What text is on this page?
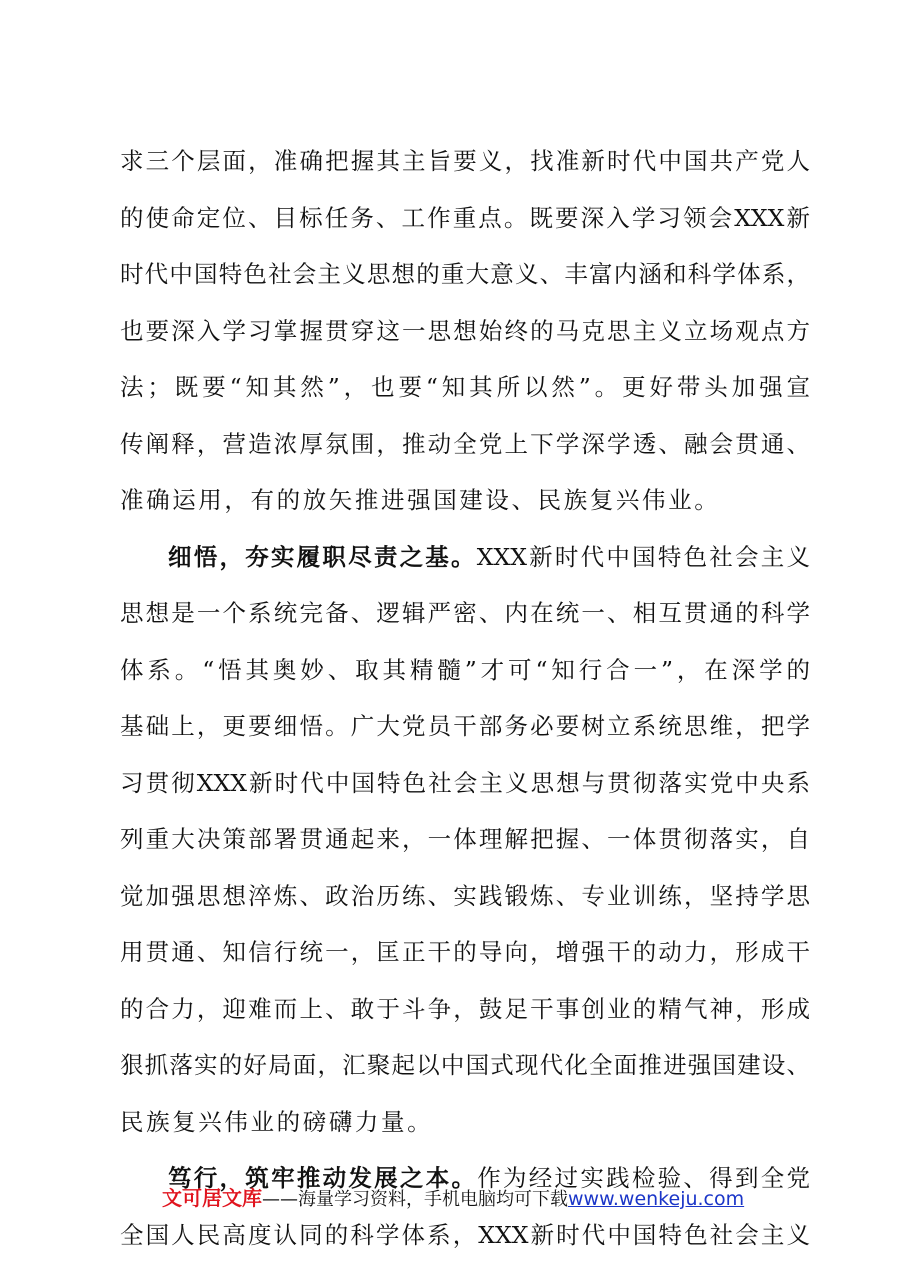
求三个层面，准确把握其主旨要义，找准新时代中国共产党人
的使命定位、目标任务、工作重点。既要深入学习领会XXX新
时代中国特色社会主义思想的重大意义、丰富内涵和科学体系，
也要深入学习掌握贯穿这一思想始终的马克思主义立场观点方
法；既要“知其然”，也要“知其所以然”。更好带头加强宣
传阐释，营造浓厚氛围，推动全党上下学深学透、融会贯通、
准确运用，有的放矢推进强国建设、民族复兴伟业。
细悟，夯实履职尽责之基。XXX新时代中国特色社会主义
思想是一个系统完备、逻辑严密、内在统一、相互贯通的科学
体系。“悟其奥妙、取其精髓”才可“知行合一”，在深学的
基础上，更要细悟。广大党员干部务必要树立系统思维，把学
习贯彻XXX新时代中国特色社会主义思想与贯彻落实党中央系
列重大决策部署贯通起来，一体理解把握、一体贯彻落实，自
觉加强思想淬炼、政治历练、实践锻炼、专业训练，坚持学思
用贯通、知信行统一，匡正干的导向，增强干的动力，形成干
的合力，迎难而上、敢于斗争，鼓足干事创业的精气神，形成
狠抓落实的好局面，汇聚起以中国式现代化全面推进强国建设、
民族复兴伟业的磅礴力量。
笃行，筑牢推动发展之本。作为经过实践检验、得到全党
全国人民高度认同的科学体系，XXX新时代中国特色社会主义
文可居文库——海量学习资料，手机电脑均可下载www.wenkeju.com
